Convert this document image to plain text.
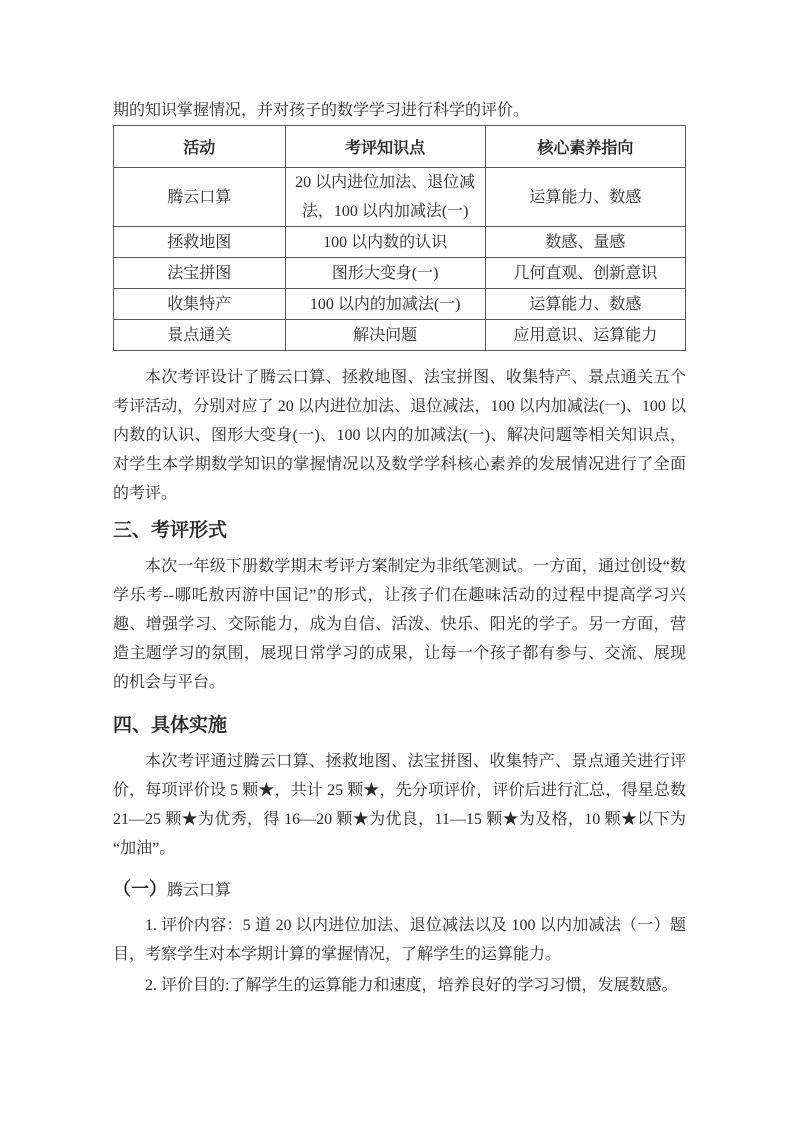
期的知识掌握情况，并对孩子的数学学习进行科学的评价。

活动	考评知识点	核心素养指向
腾云口算	20 以内进位加法、退位减法，100 以内加减法(一)	运算能力、数感
拯救地图	100 以内数的认识	数感、量感
法宝拼图	图形大变身(一)	几何直观、创新意识
收集特产	100 以内的加减法(一)	运算能力、数感
景点通关	解决问题	应用意识、运算能力

本次考评设计了腾云口算、拯救地图、法宝拼图、收集特产、景点通关五个考评活动，分别对应了 20 以内进位加法、退位减法，100 以内加减法(一)、100 以内数的认识、图形大变身(一)、100 以内的加减法(一)、解决问题等相关知识点，对学生本学期数学知识的掌握情况以及数学学科核心素养的发展情况进行了全面的考评。

三、考评形式

本次一年级下册数学期末考评方案制定为非纸笔测试。一方面，通过创设“数学乐考--哪吒敖丙游中国记”的形式，让孩子们在趣味活动的过程中提高学习兴趣、增强学习、交际能力，成为自信、活泼、快乐、阳光的学子。另一方面，营造主题学习的氛围，展现日常学习的成果，让每一个孩子都有参与、交流、展现的机会与平台。

四、具体实施

本次考评通过腾云口算、拯救地图、法宝拼图、收集特产、景点通关进行评价，每项评价设 5 颗★，共计 25 颗★，先分项评价，评价后进行汇总，得星总数 21—25 颗★为优秀，得 16—20 颗★为优良，11—15 颗★为及格，10 颗★以下为“加油”。

（一）腾云口算

1. 评价内容：5 道 20 以内进位加法、退位减法以及 100 以内加减法（一）题目，考察学生对本学期计算的掌握情况，了解学生的运算能力。

2. 评价目的:了解学生的运算能力和速度，培养良好的学习习惯，发展数感。
